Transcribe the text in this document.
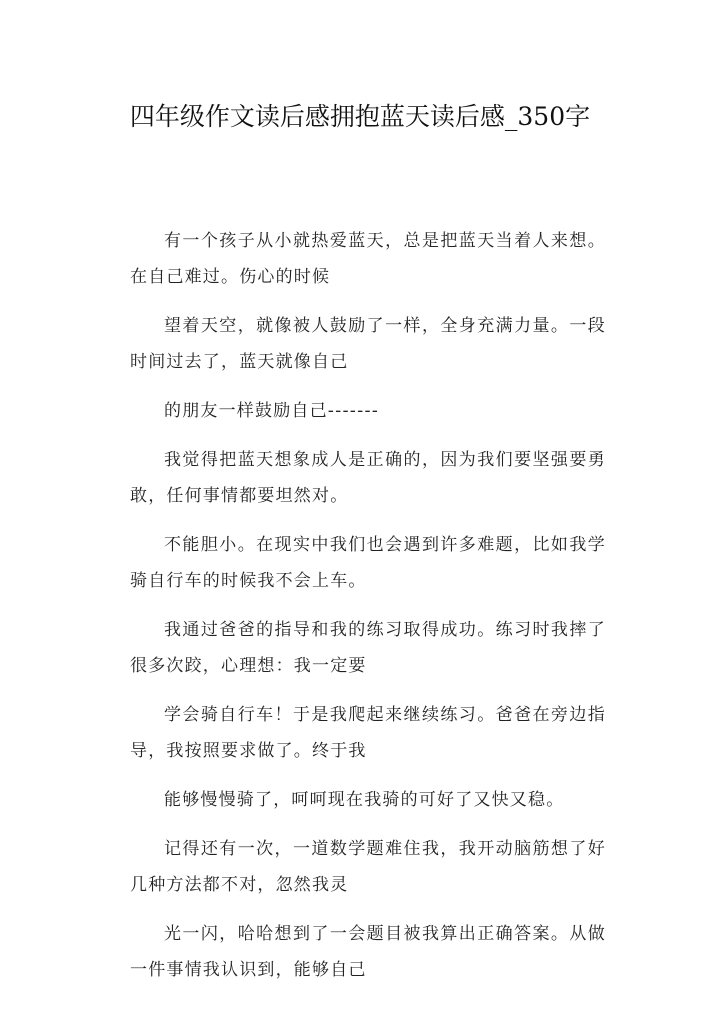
四年级作文读后感拥抱蓝天读后感_350字

有一个孩子从小就热爱蓝天，总是把蓝天当着人来想。在自己难过。伤心的时候

望着天空，就像被人鼓励了一样，全身充满力量。一段时间过去了，蓝天就像自己

的朋友一样鼓励自己-------

我觉得把蓝天想象成人是正确的，因为我们要坚强要勇敢，任何事情都要坦然对。

不能胆小。在现实中我们也会遇到许多难题，比如我学骑自行车的时候我不会上车。

我通过爸爸的指导和我的练习取得成功。练习时我摔了很多次跤，心理想：我一定要

学会骑自行车！于是我爬起来继续练习。爸爸在旁边指导，我按照要求做了。终于我

能够慢慢骑了，呵呵现在我骑的可好了又快又稳。

记得还有一次，一道数学题难住我，我开动脑筋想了好几种方法都不对，忽然我灵

光一闪，哈哈想到了一会题目被我算出正确答案。从做一件事情我认识到，能够自己
